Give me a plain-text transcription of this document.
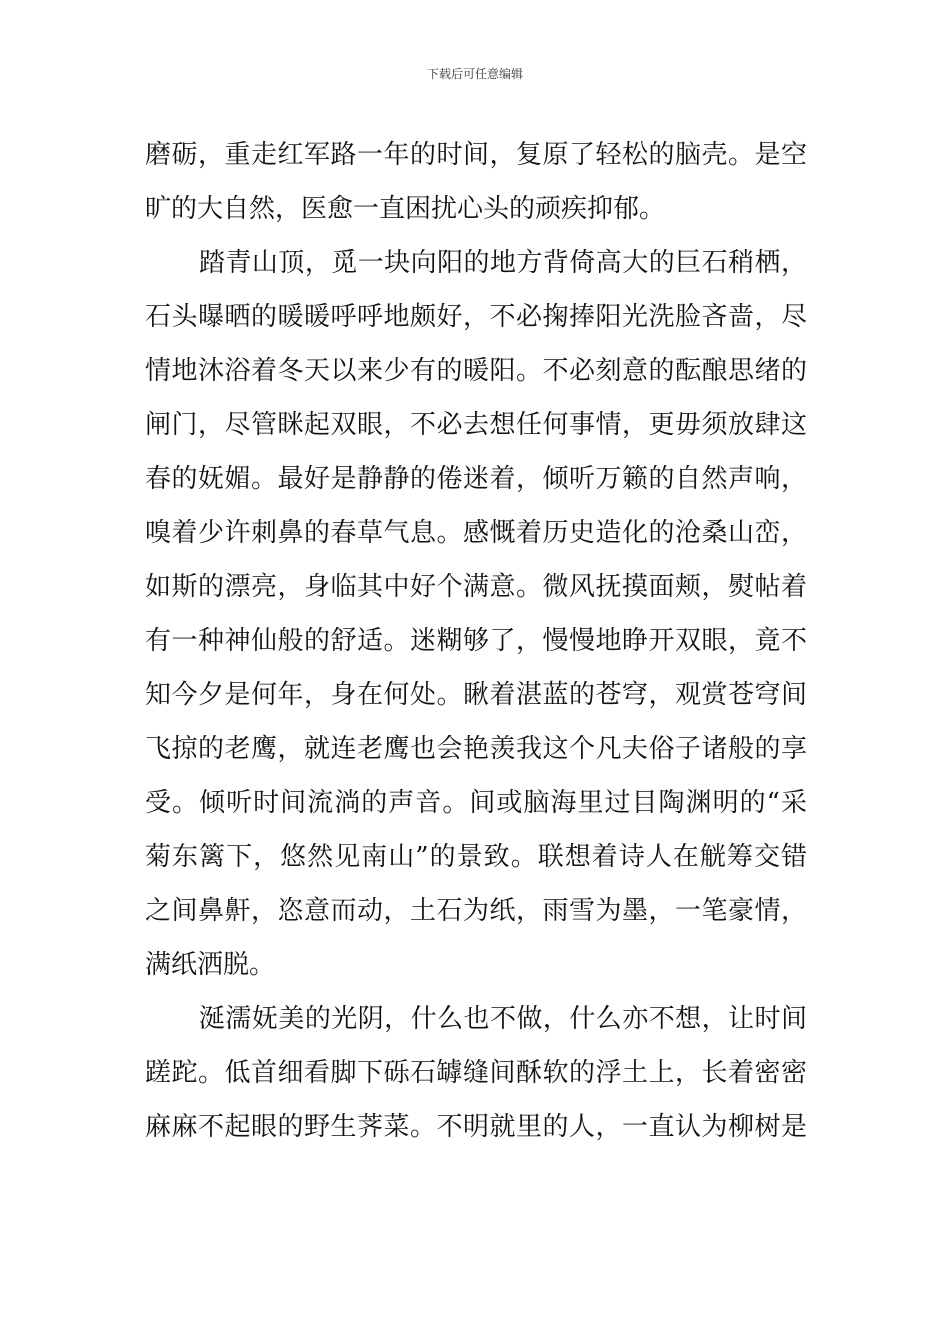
下载后可任意编辑
磨砺，重走红军路一年的时间，复原了轻松的脑壳。是空
旷的大自然，医愈一直困扰心头的顽疾抑郁。
踏青山顶，觅一块向阳的地方背倚高大的巨石稍栖，
石头曝晒的暖暖呼呼地颇好，不必掬捧阳光洗脸吝啬，尽
情地沐浴着冬天以来少有的暖阳。不必刻意的酝酿思绪的
闸门，尽管眯起双眼，不必去想任何事情，更毋须放肆这
春的妩媚。最好是静静的倦迷着，倾听万籁的自然声响，
嗅着少许刺鼻的春草气息。感慨着历史造化的沧桑山峦，
如斯的漂亮，身临其中好个满意。微风抚摸面颊，熨帖着
有一种神仙般的舒适。迷糊够了，慢慢地睁开双眼，竟不
知今夕是何年，身在何处。瞅着湛蓝的苍穹，观赏苍穹间
飞掠的老鹰，就连老鹰也会艳羡我这个凡夫俗子诸般的享
受。倾听时间流淌的声音。间或脑海里过目陶渊明的“采
菊东篱下，悠然见南山”的景致。联想着诗人在觥筹交错
之间鼻鼾，恣意而动，土石为纸，雨雪为墨，一笔豪情，
满纸洒脱。
涎濡妩美的光阴，什么也不做，什么亦不想，让时间
蹉跎。低首细看脚下砾石罅缝间酥软的浮土上，长着密密
麻麻不起眼的野生荠菜。不明就里的人，一直认为柳树是
